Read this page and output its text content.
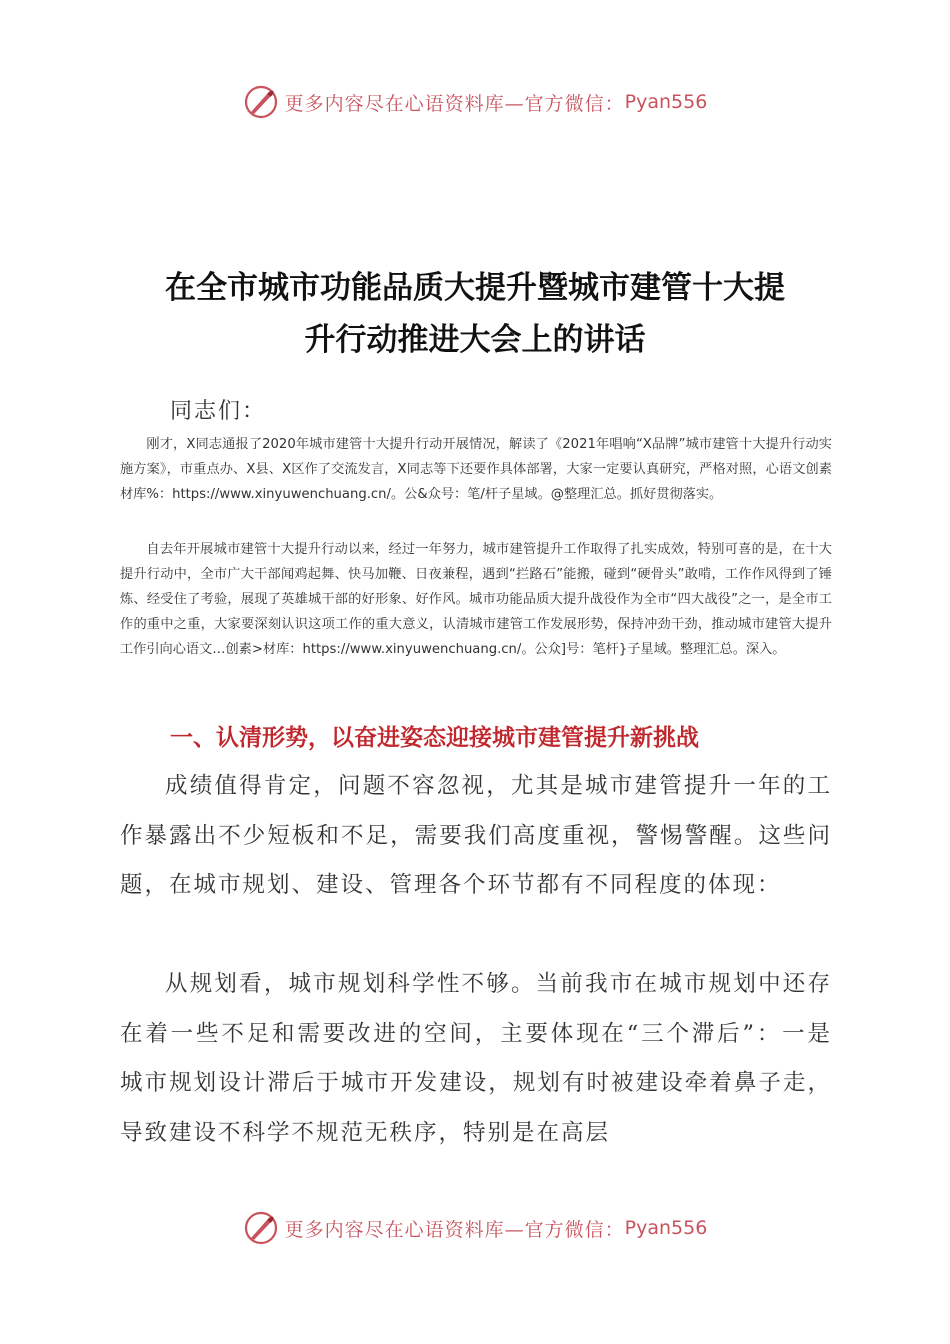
更多内容尽在心语资料库—官方微信： Pyan556
在全市城市功能品质大提升暨城市建管十大提
升行动推进大会上的讲话
同志们：

刚才，X同志通报了2020年城市建管十大提升行动开展情况，解读了《2021年唱响“X品牌”城市建管十大提升行动实施方案》，市重点办、X县、X区作了交流发言，X同志等下还要作具体部署，大家一定要认真研究，严格对照，心语文创素材库%：https://www.xinyuwenchuang.cn/。公&众号：笔/杆子星域。@整理汇总。抓好贯彻落实。

自去年开展城市建管十大提升行动以来，经过一年努力，城市建管提升工作取得了扎实成效，特别可喜的是，在十大提升行动中，全市广大干部闻鸡起舞、快马加鞭、日夜兼程，遇到“拦路石”能搬，碰到“硬骨头”敢啃，工作作风得到了锤炼、经受住了考验，展现了英雄城干部的好形象、好作风。城市功能品质大提升战役作为全市“四大战役”之一，是全市工作的重中之重，大家要深刻认识这项工作的重大意义，认清城市建管工作发展形势，保持冲劲干劲，推动城市建管大提升工作引向心语文…创素>材库：https://www.xinyuwenchuang.cn/。公众]号：笔杆}子星域。整理汇总。深入。

一、认清形势，以奋进姿态迎接城市建管提升新挑战

成绩值得肯定，问题不容忽视，尤其是城市建管提升一年的工作暴露出不少短板和不足，需要我们高度重视，警惕警醒。这些问题，在城市规划、建设、管理各个环节都有不同程度的体现：

从规划看，城市规划科学性不够。当前我市在城市规划中还存在着一些不足和需要改进的空间，主要体现在“三个滞后”：一是城市规划设计滞后于城市开发建设，规划有时被建设牵着鼻子走，导致建设不科学不规范无秩序，特别是在高层

更多内容尽在心语资料库—官方微信： Pyan556
